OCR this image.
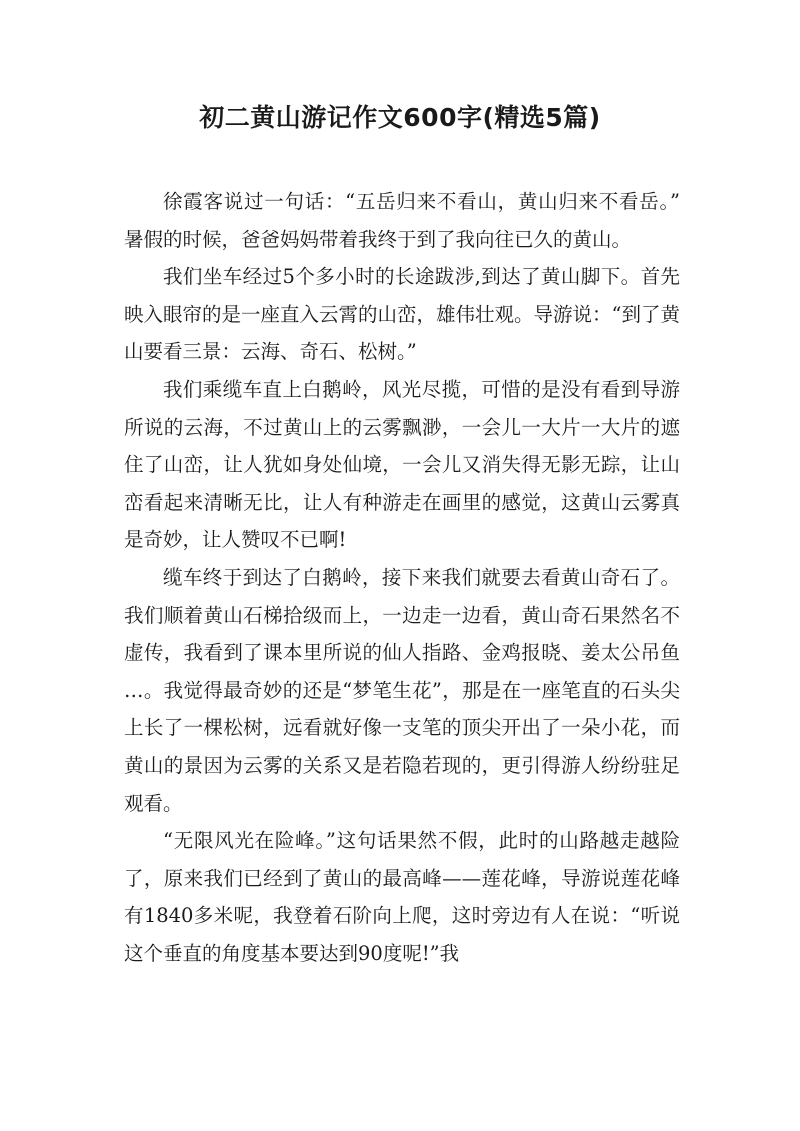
初二黄山游记作文600字(精选5篇)

徐霞客说过一句话：“五岳归来不看山，黄山归来不看岳。”暑假的时候，爸爸妈妈带着我终于到了我向往已久的黄山。

我们坐车经过5个多小时的长途跋涉,到达了黄山脚下。首先映入眼帘的是一座直入云霄的山峦，雄伟壮观。导游说：“到了黄山要看三景：云海、奇石、松树。”

我们乘缆车直上白鹅岭，风光尽揽，可惜的是没有看到导游所说的云海，不过黄山上的云雾飘渺，一会儿一大片一大片的遮住了山峦，让人犹如身处仙境，一会儿又消失得无影无踪，让山峦看起来清晰无比，让人有种游走在画里的感觉，这黄山云雾真是奇妙，让人赞叹不已啊!

缆车终于到达了白鹅岭，接下来我们就要去看黄山奇石了。我们顺着黄山石梯拾级而上，一边走一边看，黄山奇石果然名不虚传，我看到了课本里所说的仙人指路、金鸡报晓、姜太公吊鱼…。我觉得最奇妙的还是“梦笔生花”，那是在一座笔直的石头尖上长了一棵松树，远看就好像一支笔的顶尖开出了一朵小花，而黄山的景因为云雾的关系又是若隐若现的，更引得游人纷纷驻足观看。

“无限风光在险峰。”这句话果然不假，此时的山路越走越险了，原来我们已经到了黄山的最高峰——莲花峰，导游说莲花峰有1840多米呢，我登着石阶向上爬，这时旁边有人在说：“听说这个垂直的角度基本要达到90度呢!”我
